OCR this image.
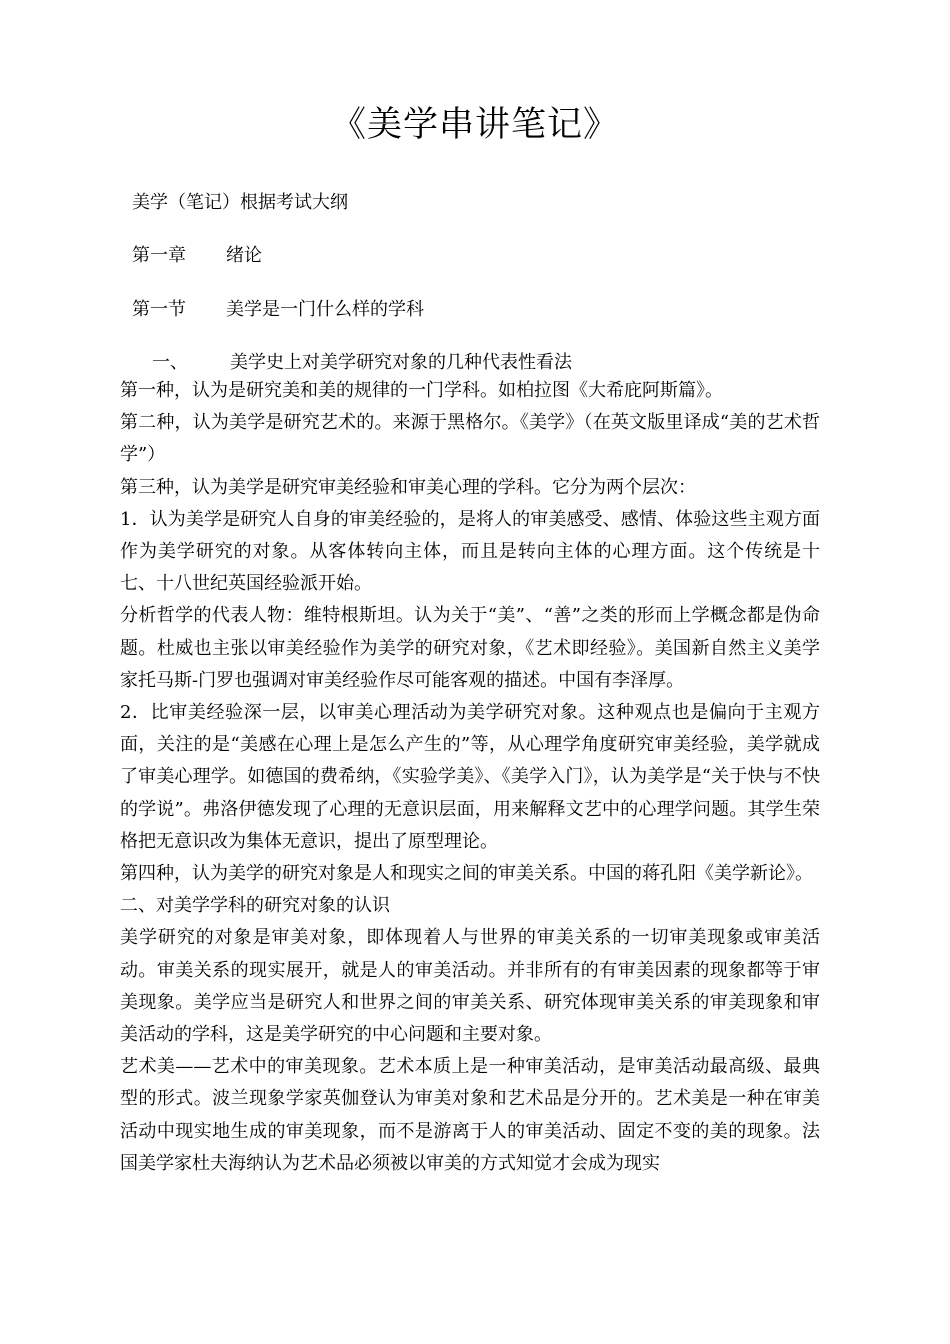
《美学串讲笔记》
美学（笔记）根据考试大纲
第一章 绪论
第一节 美学是一门什么样的学科
一、 美学史上对美学研究对象的几种代表性看法

第一种，认为是研究美和美的规律的一门学科。如柏拉图《大希庇阿斯篇》。

第二种，认为美学是研究艺术的。来源于黑格尔。《美学》（在英文版里译成“美的艺术哲学”）

第三种，认为美学是研究审美经验和审美心理的学科。它分为两个层次：

1．认为美学是研究人自身的审美经验的，是将人的审美感受、感情、体验这些主观方面作为美学研究的对象。从客体转向主体，而且是转向主体的心理方面。这个传统是十七、十八世纪英国经验派开始。

分析哲学的代表人物：维特根斯坦。认为关于“美”、“善”之类的形而上学概念都是伪命题。杜威也主张以审美经验作为美学的研究对象，《艺术即经验》。美国新自然主义美学家托马斯-门罗也强调对审美经验作尽可能客观的描述。中国有李泽厚。

2．比审美经验深一层，以审美心理活动为美学研究对象。这种观点也是偏向于主观方面，关注的是“美感在心理上是怎么产生的”等，从心理学角度研究审美经验，美学就成了审美心理学。如德国的费希纳，《实验学美》、《美学入门》，认为美学是“关于快与不快的学说”。弗洛伊德发现了心理的无意识层面，用来解释文艺中的心理学问题。其学生荣格把无意识改为集体无意识，提出了原型理论。

第四种，认为美学的研究对象是人和现实之间的审美关系。中国的蒋孔阳《美学新论》。

二、对美学学科的研究对象的认识

美学研究的对象是审美对象，即体现着人与世界的审美关系的一切审美现象或审美活动。审美关系的现实展开，就是人的审美活动。并非所有的有审美因素的现象都等于审美现象。美学应当是研究人和世界之间的审美关系、研究体现审美关系的审美现象和审美活动的学科，这是美学研究的中心问题和主要对象。

艺术美——艺术中的审美现象。艺术本质上是一种审美活动，是审美活动最高级、最典型的形式。波兰现象学家英伽登认为审美对象和艺术品是分开的。艺术美是一种在审美活动中现实地生成的审美现象，而不是游离于人的审美活动、固定不变的美的现象。法国美学家杜夫海纳认为艺术品必须被以审美的方式知觉才会成为现实
